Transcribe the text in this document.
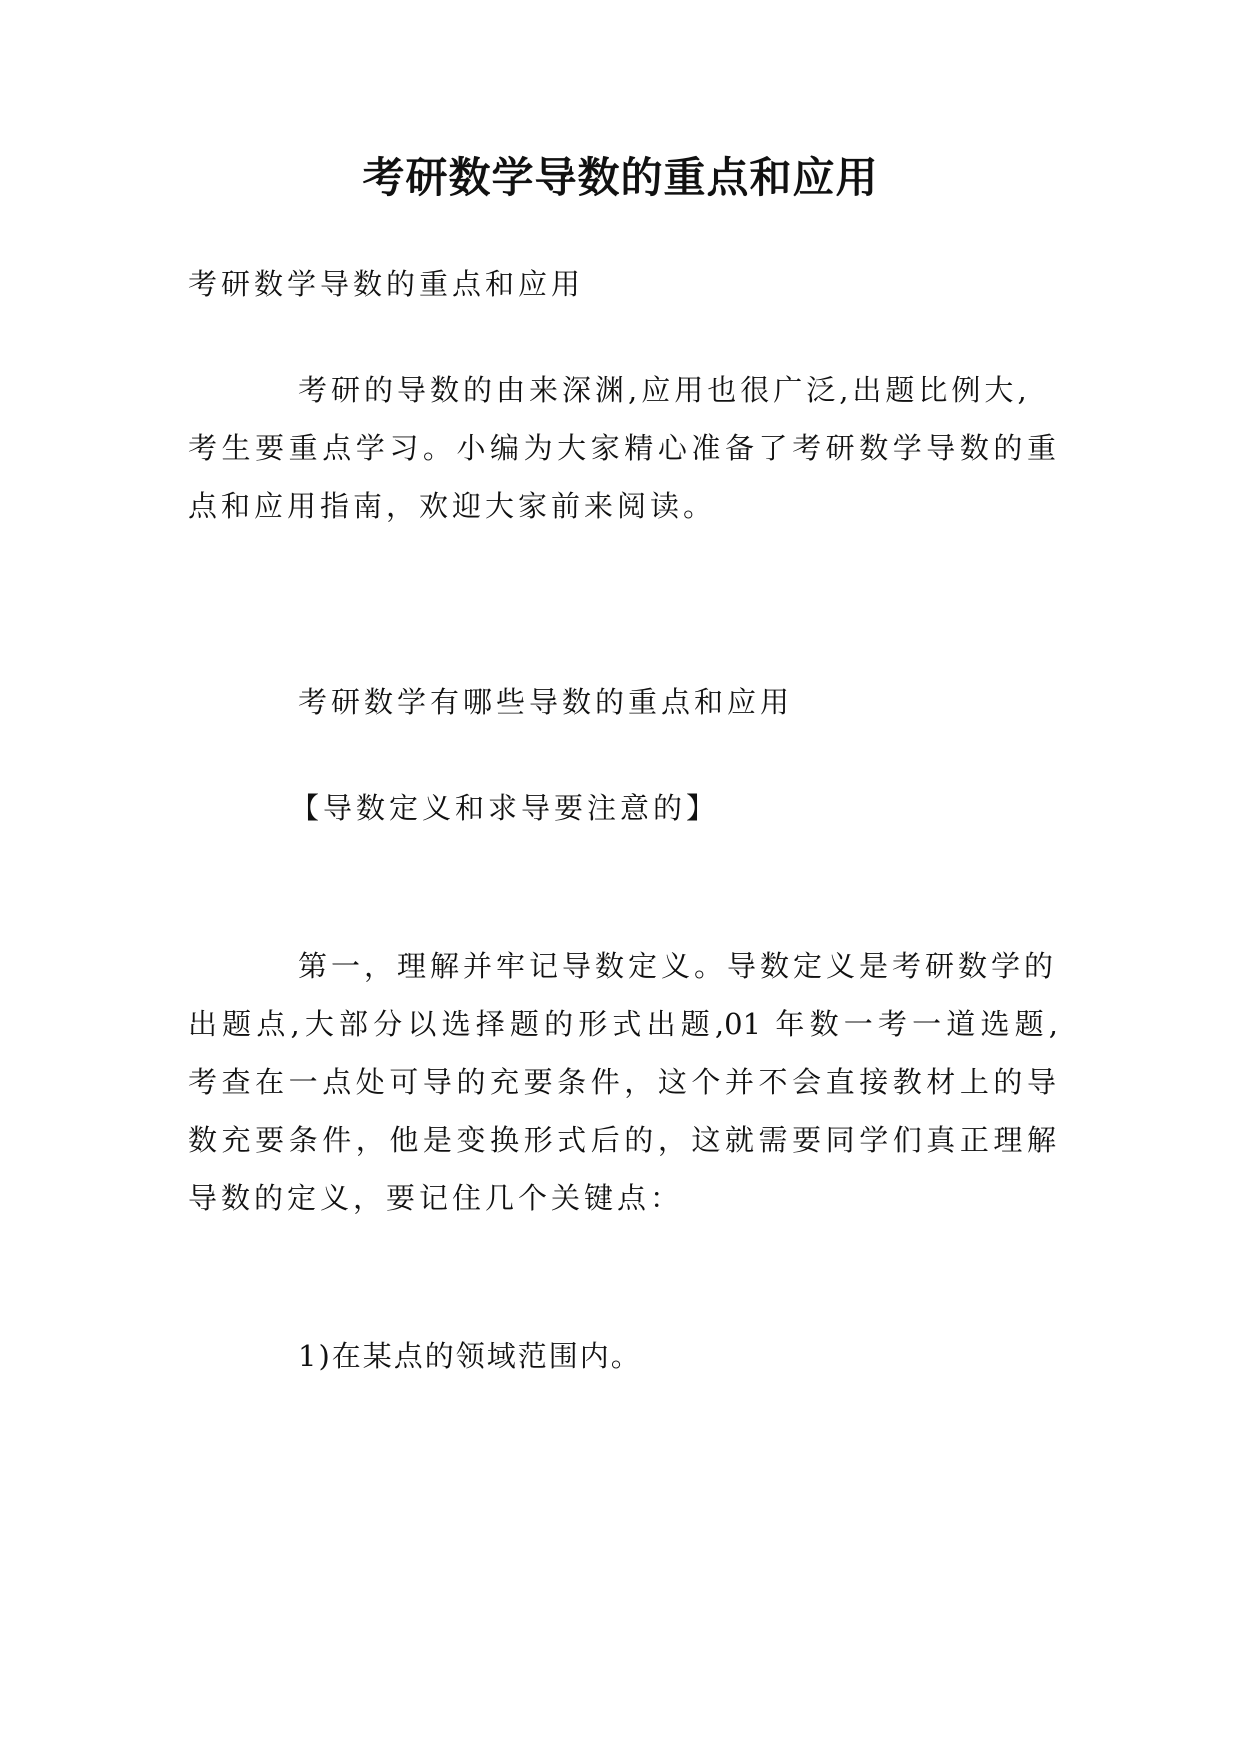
考研数学导数的重点和应用
考研数学导数的重点和应用
考研的导数的由来深渊,应用也很广泛,出题比例大,
考生要重点学习。小编为大家精心准备了考研数学导数的重
点和应用指南，欢迎大家前来阅读。
考研数学有哪些导数的重点和应用
【导数定义和求导要注意的】
第一，理解并牢记导数定义。导数定义是考研数学的
出题点,大部分以选择题的形式出题,01 年数一考一道选题,
考查在一点处可导的充要条件，这个并不会直接教材上的导
数充要条件，他是变换形式后的，这就需要同学们真正理解
导数的定义，要记住几个关键点：
1)在某点的领域范围内。
